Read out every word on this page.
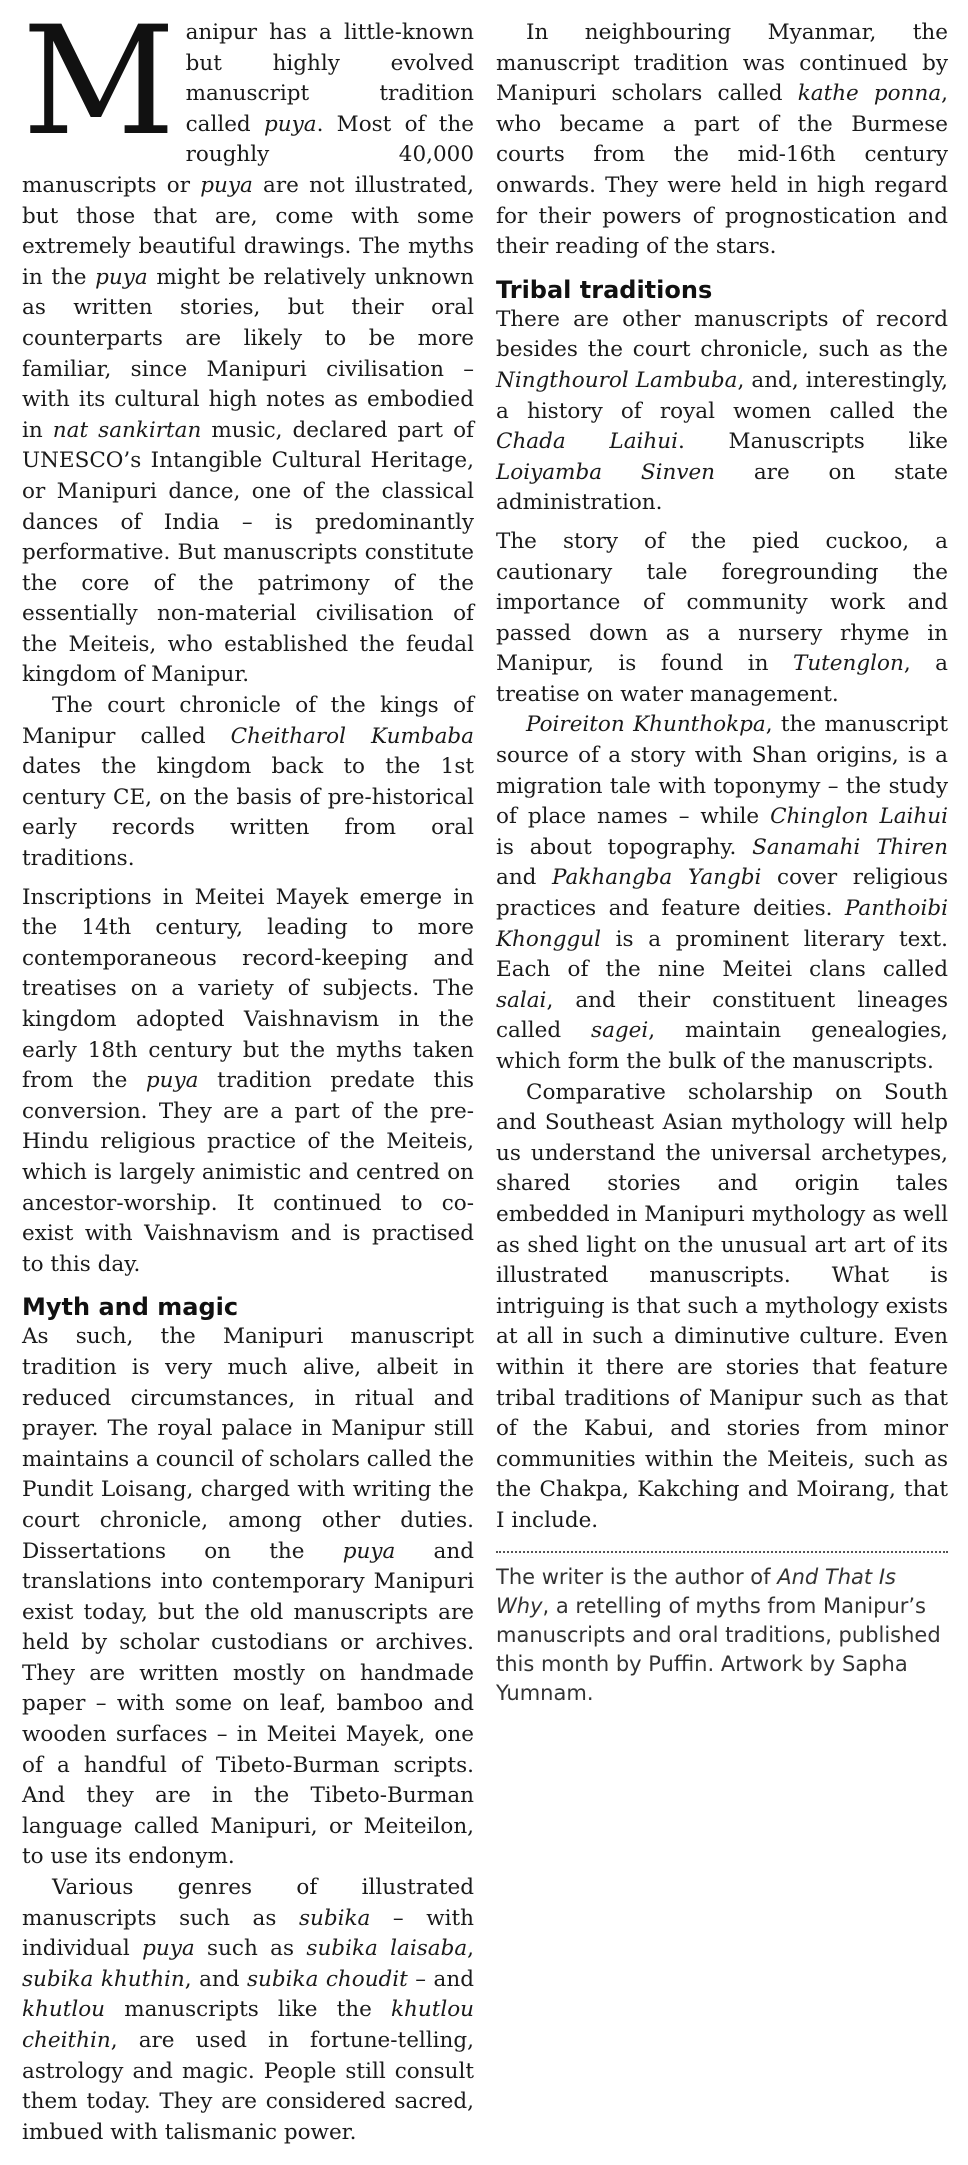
Manipur has a little-known but highly evolved manuscript tradition called puya. Most of the roughly 40,000 manuscripts or puya are not illustrated, but those that are, come with some extremely beautiful drawings. The myths in the puya might be relatively unknown as written stories, but their oral counterparts are likely to be more familiar, since Manipuri civilisation – with its cultural high notes as embodied in nat sankirtan music, declared part of UNESCO’s Intangible Cultural Heritage, or Manipuri dance, one of the classical dances of India – is predominantly performative. But manuscripts constitute the core of the patrimony of the essentially non-material civilisation of the Meiteis, who established the feudal kingdom of Manipur.

The court chronicle of the kings of Manipur called Cheitharol Kumbaba dates the kingdom back to the 1st century CE, on the basis of pre-historical early records written from oral traditions.

Inscriptions in Meitei Mayek emerge in the 14th century, leading to more contemporaneous record-keeping and treatises on a variety of subjects. The kingdom adopted Vaishnavism in the early 18th century but the myths taken from the puya tradition predate this conversion. They are a part of the pre-Hindu religious practice of the Meiteis, which is largely animistic and centred on ancestor-worship. It continued to co-exist with Vaishnavism and is practised to this day.

Myth and magic

As such, the Manipuri manuscript tradition is very much alive, albeit in reduced circumstances, in ritual and prayer. The royal palace in Manipur still maintains a council of scholars called the Pundit Loisang, charged with writing the court chronicle, among other duties. Dissertations on the puya and translations into contemporary Manipuri exist today, but the old manuscripts are held by scholar custodians or archives. They are written mostly on handmade paper – with some on leaf, bamboo and wooden surfaces – in Meitei Mayek, one of a handful of Tibeto-Burman scripts. And they are in the Tibeto-Burman language called Manipuri, or Meiteilon, to use its endonym.

Various genres of illustrated manuscripts such as subika – with individual puya such as subika laisaba, subika khuthin, and subika choudit – and khutlou manuscripts like the khutlou cheithin, are used in fortune-telling, astrology and magic. People still consult them today. They are considered sacred, imbued with talismanic power.

In neighbouring Myanmar, the manuscript tradition was continued by Manipuri scholars called kathe ponna, who became a part of the Burmese courts from the mid-16th century onwards. They were held in high regard for their powers of prognostication and their reading of the stars.

Tribal traditions

There are other manuscripts of record besides the court chronicle, such as the Ningthourol Lambuba, and, interestingly, a history of royal women called the Chada Laihui. Manuscripts like Loiyamba Sinven are on state administration.

The story of the pied cuckoo, a cautionary tale foregrounding the importance of community work and passed down as a nursery rhyme in Manipur, is found in Tutenglon, a treatise on water management.

Poireiton Khunthokpa, the manuscript source of a story with Shan origins, is a migration tale with toponymy – the study of place names – while Chinglon Laihui is about topography. Sanamahi Thiren and Pakhangba Yangbi cover religious practices and feature deities. Panthoibi Khonggul is a prominent literary text. Each of the nine Meitei clans called salai, and their constituent lineages called sagei, maintain genealogies, which form the bulk of the manuscripts.

Comparative scholarship on South and Southeast Asian mythology will help us understand the universal archetypes, shared stories and origin tales embedded in Manipuri mythology as well as shed light on the unusual art art of its illustrated manuscripts. What is intriguing is that such a mythology exists at all in such a diminutive culture. Even within it there are stories that feature tribal traditions of Manipur such as that of the Kabui, and stories from minor communities within the Meiteis, such as the Chakpa, Kakching and Moirang, that I include.

The writer is the author of And That Is Why, a retelling of myths from Manipur’s manuscripts and oral traditions, published this month by Puffin. Artwork by Sapha Yumnam.
